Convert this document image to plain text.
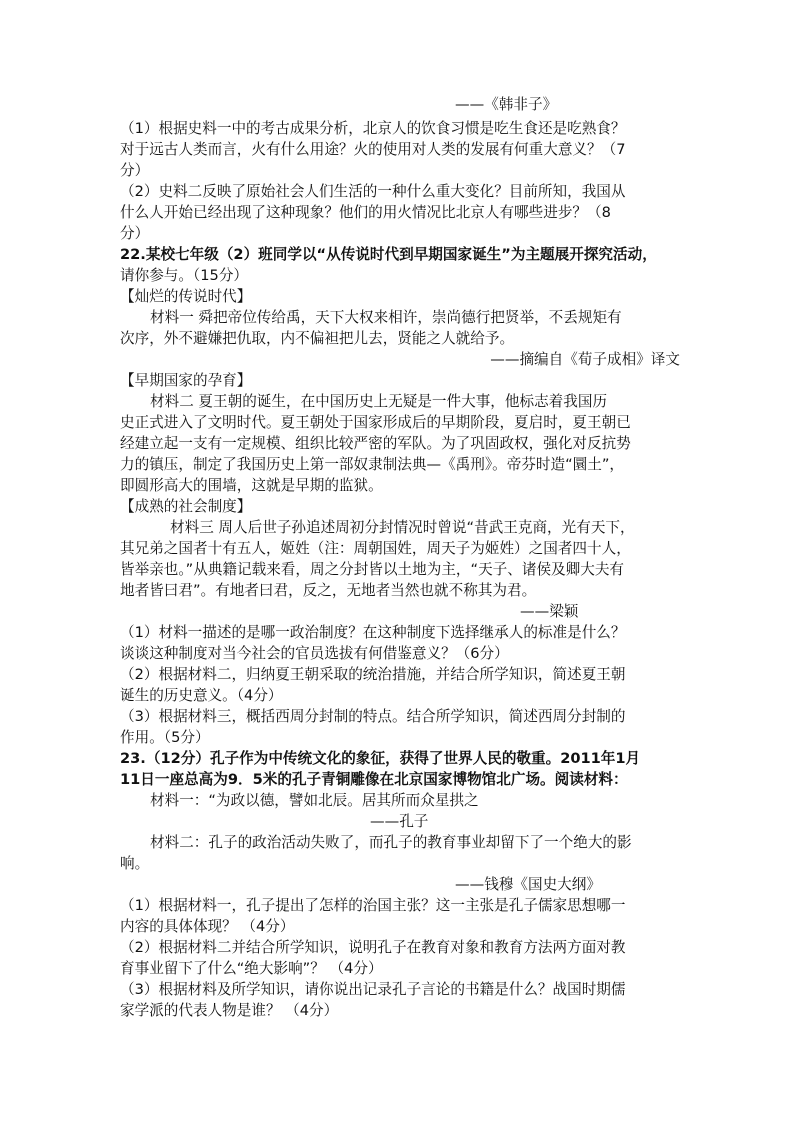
——《韩非子》
（1）根据史料一中的考古成果分析，北京人的饮食习惯是吃生食还是吃熟食？
对于远古人类而言，火有什么用途？火的使用对人类的发展有何重大意义？（7
分）
（2）史料二反映了原始社会人们生活的一种什么重大变化？目前所知，我国从
什么人开始已经出现了这种现象？他们的用火情况比北京人有哪些进步？（8
分）
22.某校七年级（2）班同学以“从传说时代到早期国家诞生”为主题展开探究活动，
请你参与。（15分）
【灿烂的传说时代】
材料一 舜把帝位传给禹，天下大权来相许，崇尚德行把贤举，不丢规矩有
次序，外不避嫌把仇取，内不偏袒把儿去，贤能之人就给予。
——摘编自《荀子成相》译文
【早期国家的孕育】
材料二 夏王朝的诞生，在中国历史上无疑是一件大事，他标志着我国历
史正式进入了文明时代。夏王朝处于国家形成后的早期阶段，夏启时，夏王朝已
经建立起一支有一定规模、组织比较严密的军队。为了巩固政权，强化对反抗势
力的镇压，制定了我国历史上第一部奴隶制法典—《禹刑》。帝芬时造“圜土”，
即圆形高大的围墙，这就是早期的监狱。
【成熟的社会制度】
材料三 周人后世子孙追述周初分封情况时曾说“昔武王克商，光有天下，
其兄弟之国者十有五人，姬姓（注：周朝国姓，周天子为姬姓）之国者四十人，
皆举亲也。”从典籍记载来看，周之分封皆以土地为主，“天子、诸侯及卿大夫有
地者皆曰君”。有地者曰君，反之，无地者当然也就不称其为君。
——梁颖
（1）材料一描述的是哪一政治制度？在这种制度下选择继承人的标准是什么？
谈谈这种制度对当今社会的官员选拔有何借鉴意义？（6分）
（2）根据材料二，归纳夏王朝采取的统治措施，并结合所学知识，简述夏王朝
诞生的历史意义。（4分）
（3）根据材料三，概括西周分封制的特点。结合所学知识，简述西周分封制的
作用。（5分）
23.（12分）孔子作为中传统文化的象征，获得了世界人民的敬重。2011年1月
11日一座总高为9．5米的孔子青铜雕像在北京国家博物馆北广场。阅读材料：
材料一：“为政以德，譬如北辰。居其所而众星拱之
——孔子
材料二：孔子的政治活动失败了，而孔子的教育事业却留下了一个绝大的影
响。
——钱穆《国史大纲》
（1）根据材料一，孔子提出了怎样的治国主张？这一主张是孔子儒家思想哪一
内容的具体体现？ （4分）
（2）根据材料二并结合所学知识，说明孔子在教育对象和教育方法两方面对教
育事业留下了什么“绝大影响”？ （4分）
（3）根据材料及所学知识，请你说出记录孔子言论的书籍是什么？战国时期儒
家学派的代表人物是谁？ （4分）
